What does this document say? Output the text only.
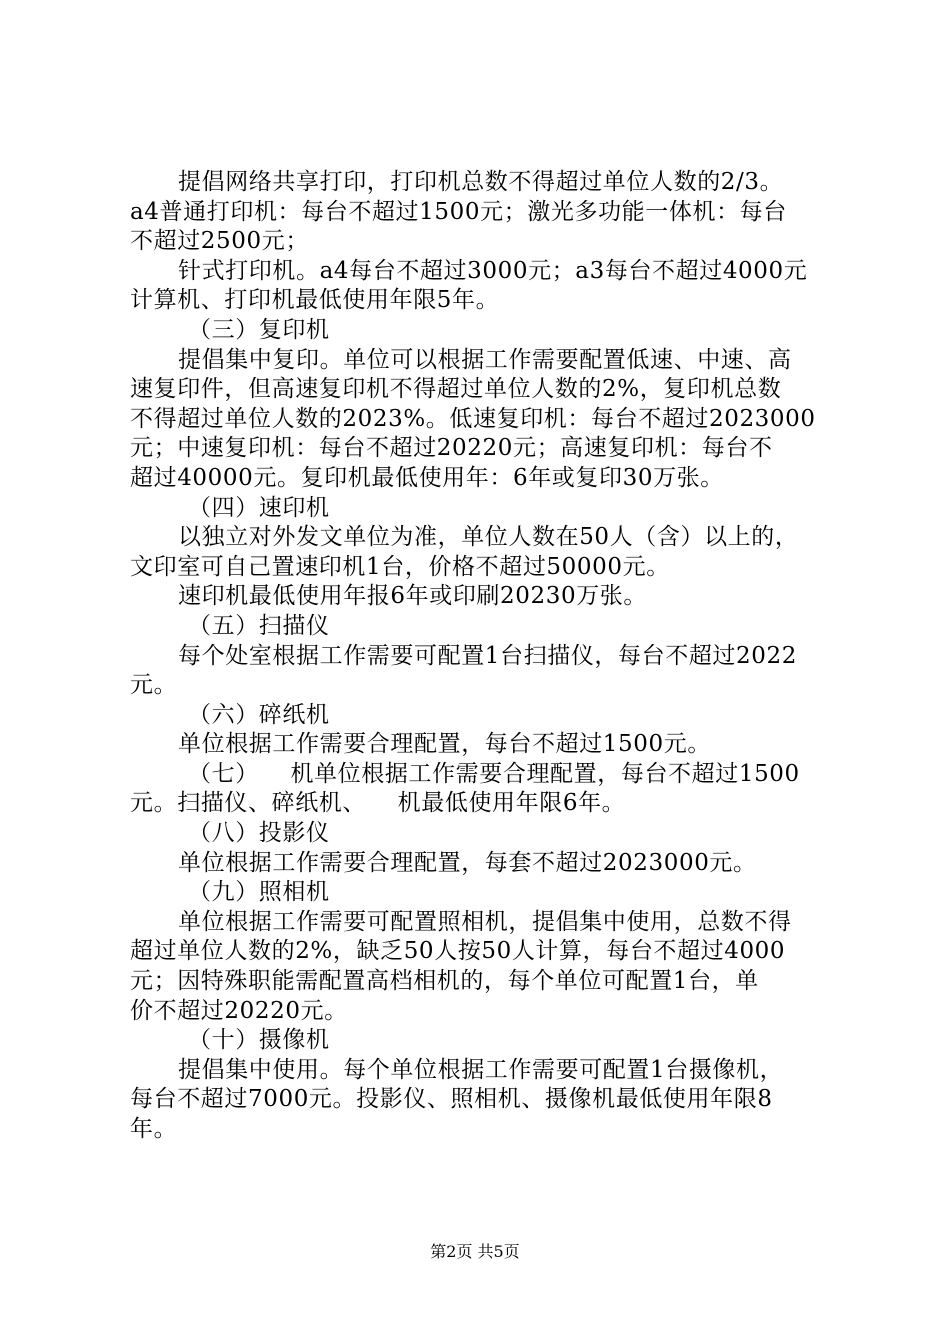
提倡网络共享打印，打印机总数不得超过单位人数的2/3。
a4普通打印机：每台不超过1500元；激光多功能一体机：每台
不超过2500元；
针式打印机。a4每台不超过3000元；a3每台不超过4000元
计算机、打印机最低使用年限5年。
（三）复印机
提倡集中复印。单位可以根据工作需要配置低速、中速、高
速复印件，但高速复印机不得超过单位人数的2%，复印机总数
不得超过单位人数的2023%。低速复印机：每台不超过2023000
元；中速复印机：每台不超过20220元；高速复印机：每台不
超过40000元。复印机最低使用年：6年或复印30万张。
（四）速印机
以独立对外发文单位为准，单位人数在50人（含）以上的，
文印室可自己置速印机1台，价格不超过50000元。
速印机最低使用年报6年或印刷20230万张。
（五）扫描仪
每个处室根据工作需要可配置1台扫描仪，每台不超过2022
元。
（六）碎纸机
单位根据工作需要合理配置，每台不超过1500元。
（七）    机单位根据工作需要合理配置，每台不超过1500
元。扫描仪、碎纸机、    机最低使用年限6年。
（八）投影仪
单位根据工作需要合理配置，每套不超过2023000元。
（九）照相机
单位根据工作需要可配置照相机，提倡集中使用，总数不得
超过单位人数的2%，缺乏50人按50人计算，每台不超过4000
元；因特殊职能需配置高档相机的，每个单位可配置1台，单
价不超过20220元。
（十）摄像机
提倡集中使用。每个单位根据工作需要可配置1台摄像机，
每台不超过7000元。投影仪、照相机、摄像机最低使用年限8
年。
第2页 共5页
